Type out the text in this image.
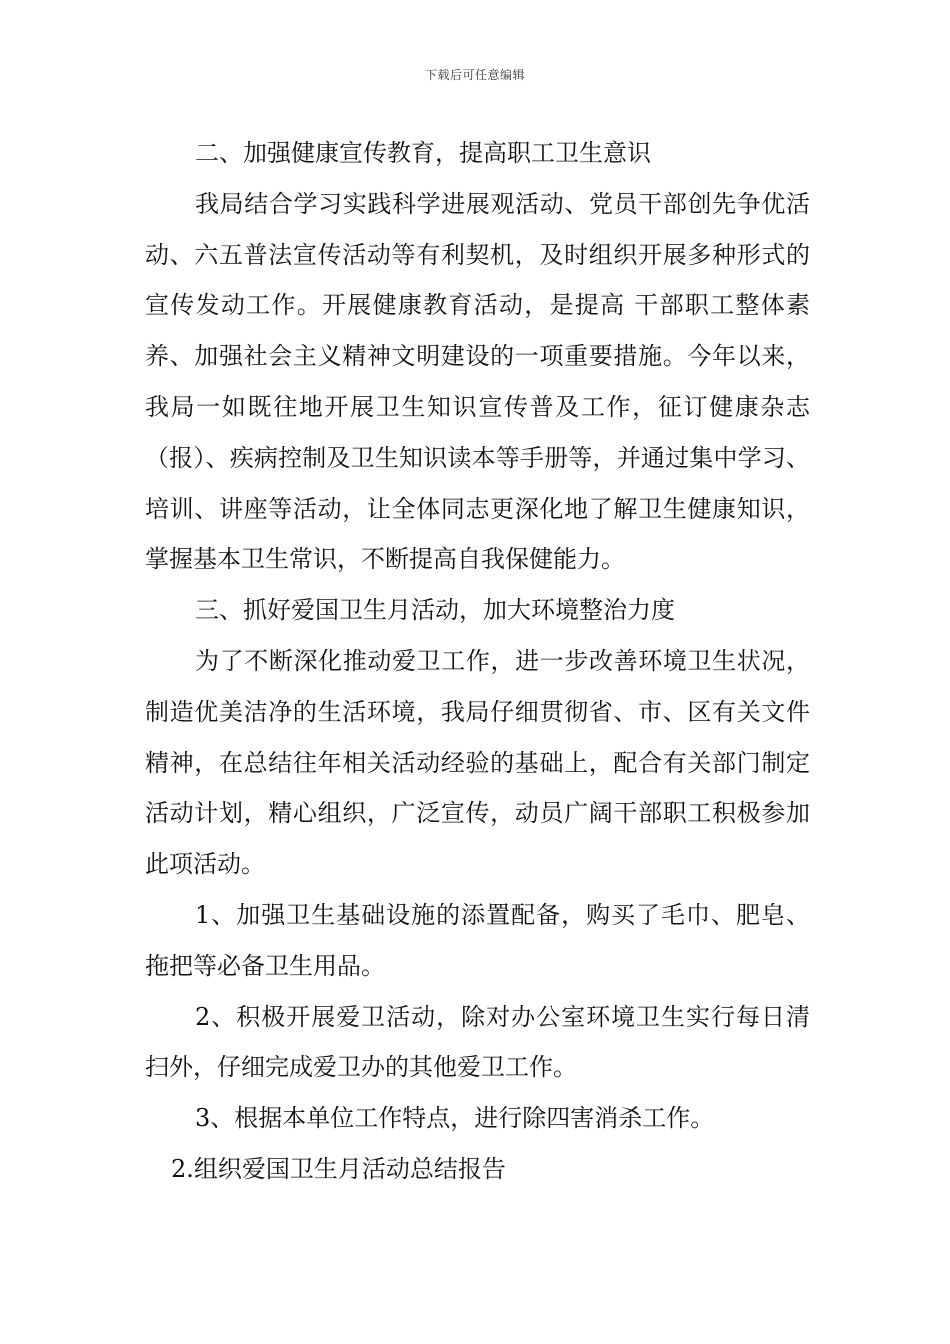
下载后可任意编辑

二、加强健康宣传教育，提高职工卫生意识

我局结合学习实践科学进展观活动、党员干部创先争优活动、六五普法宣传活动等有利契机，及时组织开展多种形式的宣传发动工作。开展健康教育活动，是提高 干部职工整体素养、加强社会主义精神文明建设的一项重要措施。今年以来，我局一如既往地开展卫生知识宣传普及工作，征订健康杂志（报）、疾病控制及卫生知识读本等手册等，并通过集中学习、培训、讲座等活动，让全体同志更深化地了解卫生健康知识，掌握基本卫生常识，不断提高自我保健能力。

三、抓好爱国卫生月活动，加大环境整治力度

为了不断深化推动爱卫工作，进一步改善环境卫生状况，制造优美洁净的生活环境，我局仔细贯彻省、市、区有关文件精神，在总结往年相关活动经验的基础上，配合有关部门制定活动计划，精心组织，广泛宣传，动员广阔干部职工积极参加此项活动。

1、加强卫生基础设施的添置配备，购买了毛巾、肥皂、拖把等必备卫生用品。

2、积极开展爱卫活动，除对办公室环境卫生实行每日清扫外，仔细完成爱卫办的其他爱卫工作。

3、根据本单位工作特点，进行除四害消杀工作。

2.组织爱国卫生月活动总结报告
